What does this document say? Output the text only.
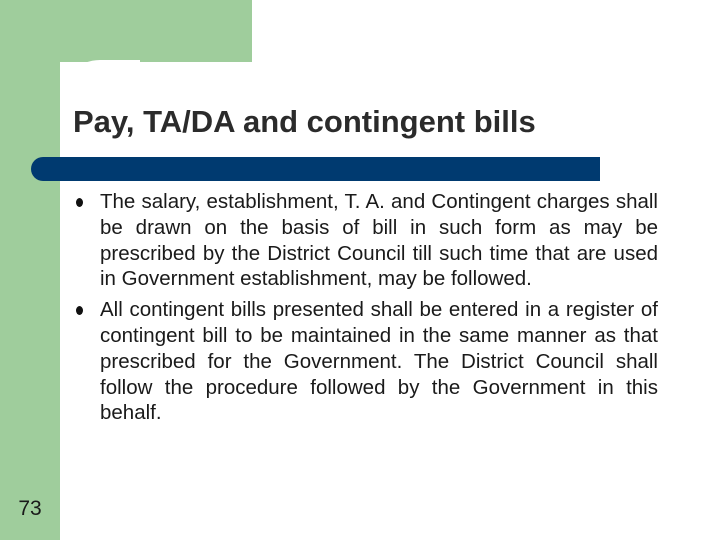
Pay, TA/DA and contingent bills
The salary, establishment, T. A. and Contingent charges shall be drawn on the basis of bill in such form as may be prescribed by the District Council till such time that are used in Government establishment, may be followed.
All contingent bills presented shall be entered in a register of contingent bill to be maintained in the same manner as that prescribed for the Government. The District Council shall follow the procedure followed by the Government in this behalf.
73
